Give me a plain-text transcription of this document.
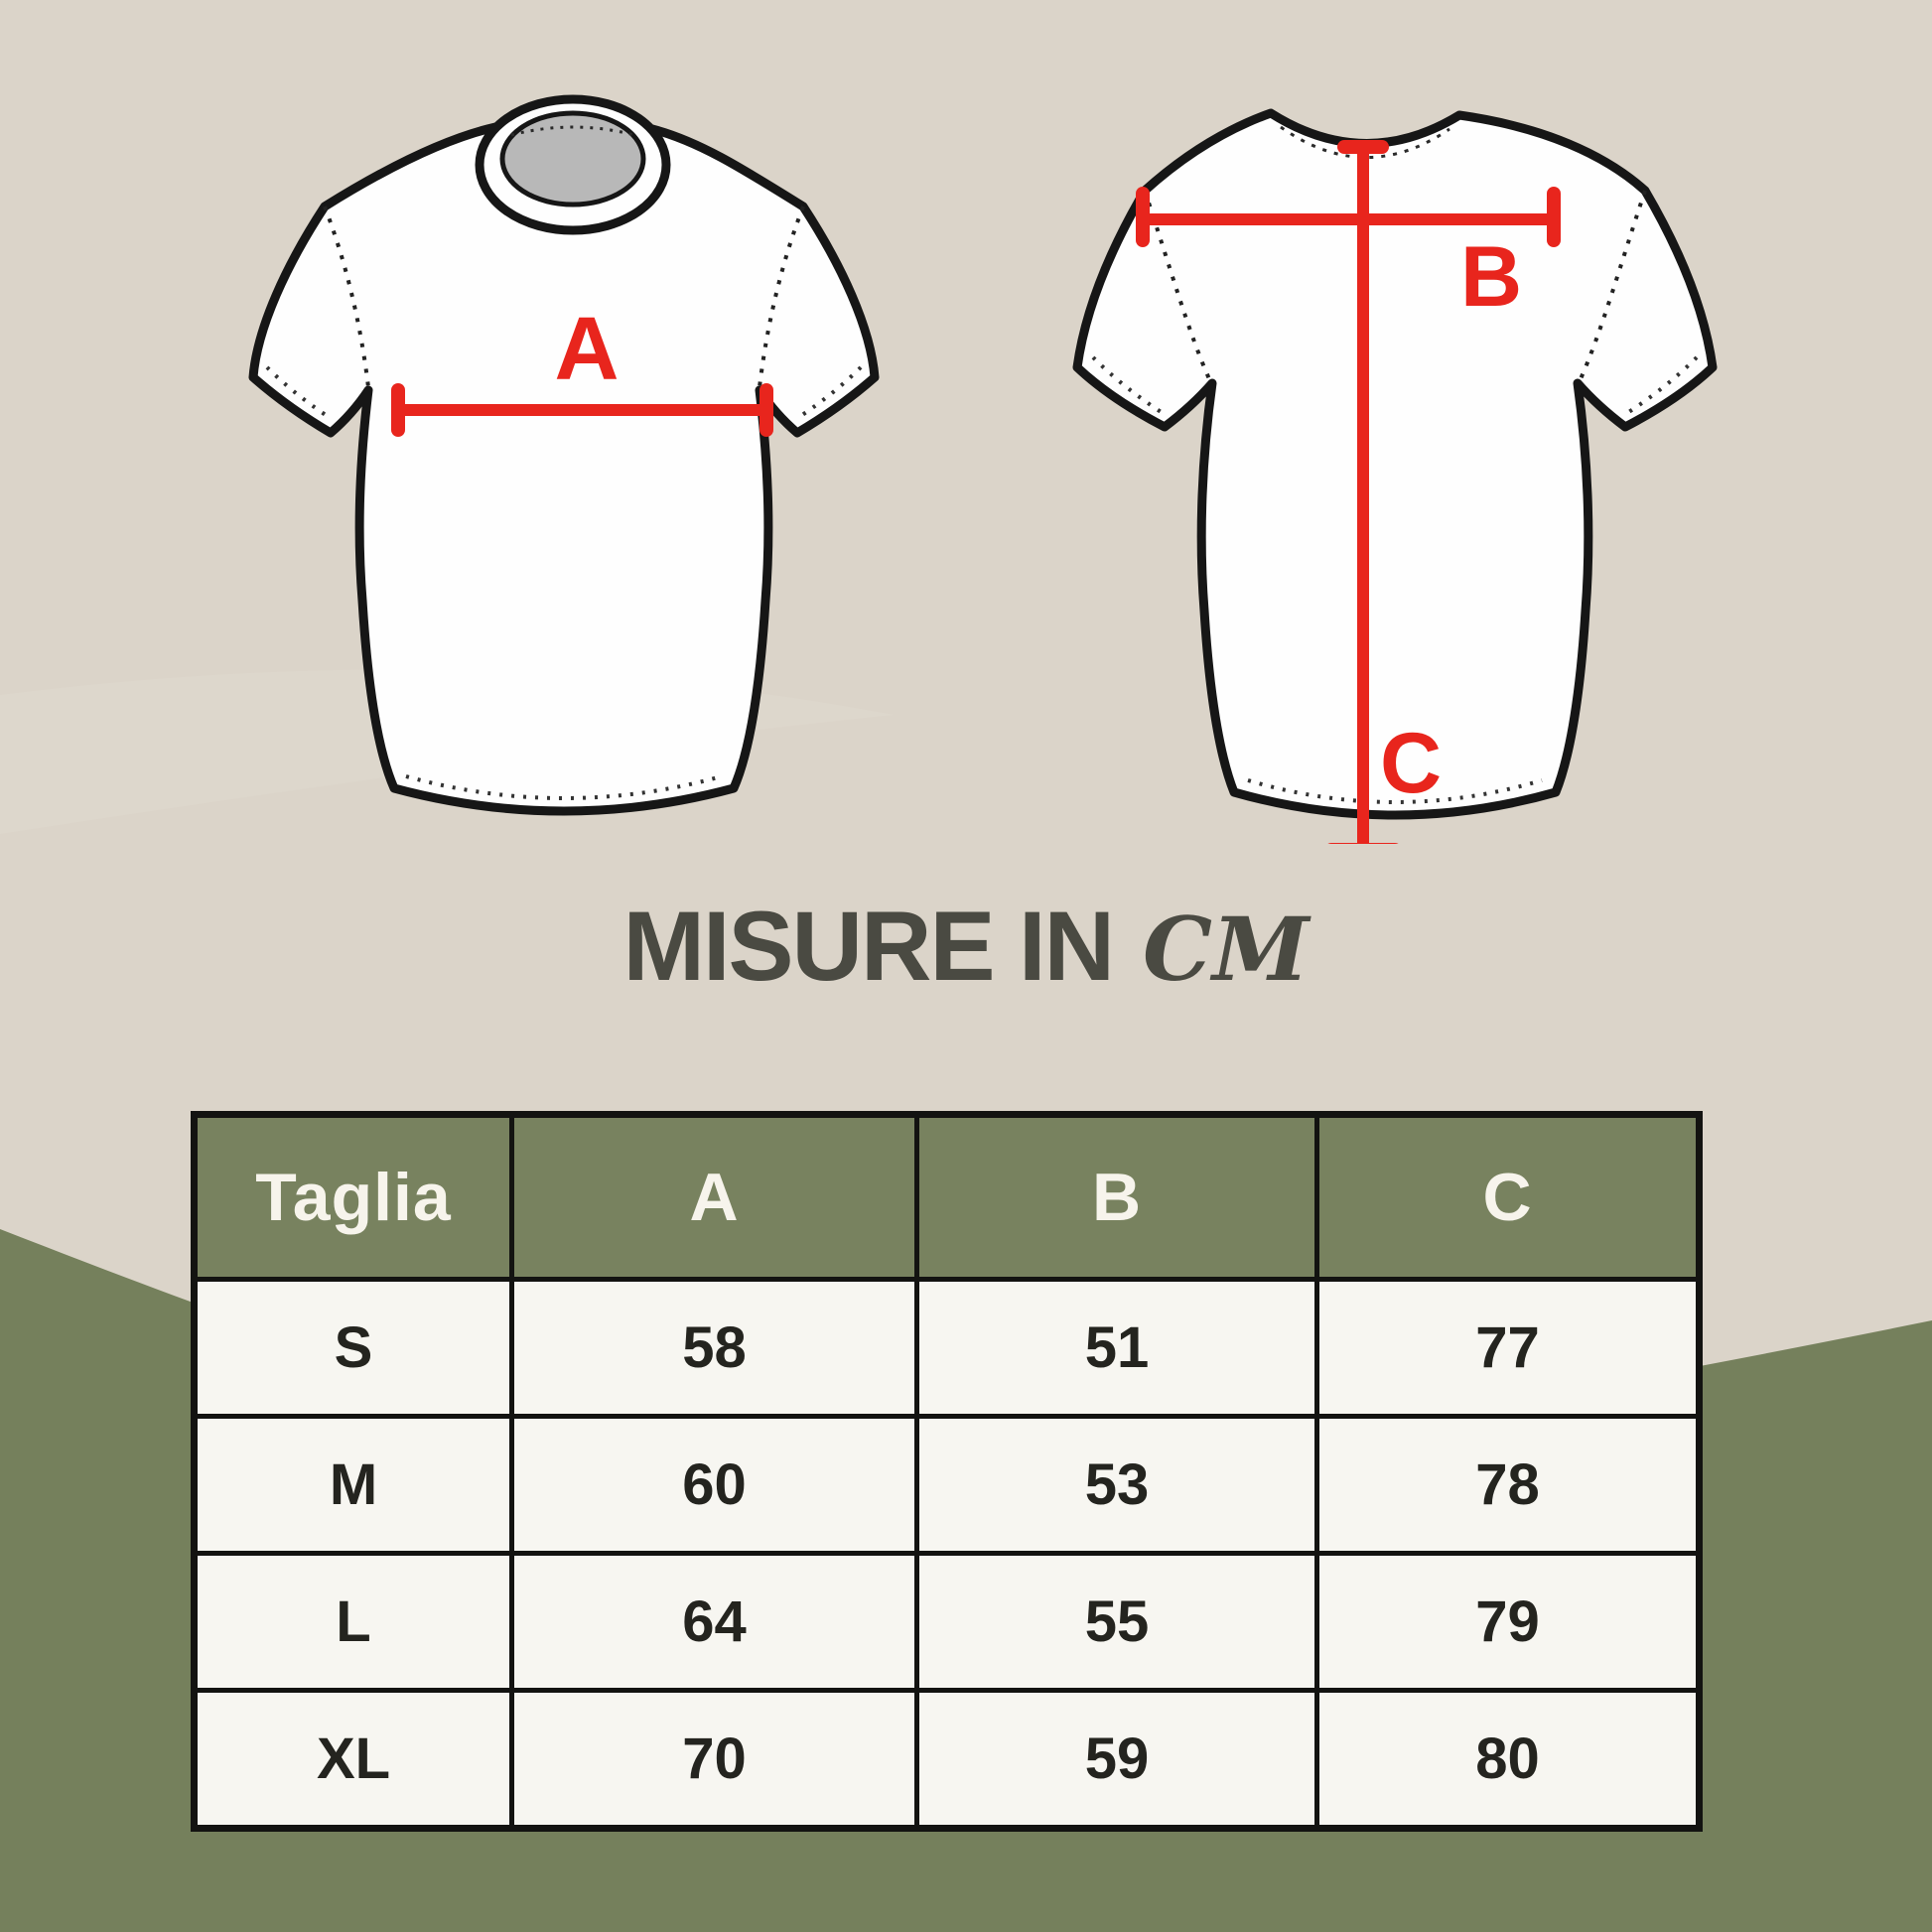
A
B
C
MISURE IN CM
Taglia	A	B	C
S	58	51	77
M	60	53	78
L	64	55	79
XL	70	59	80
